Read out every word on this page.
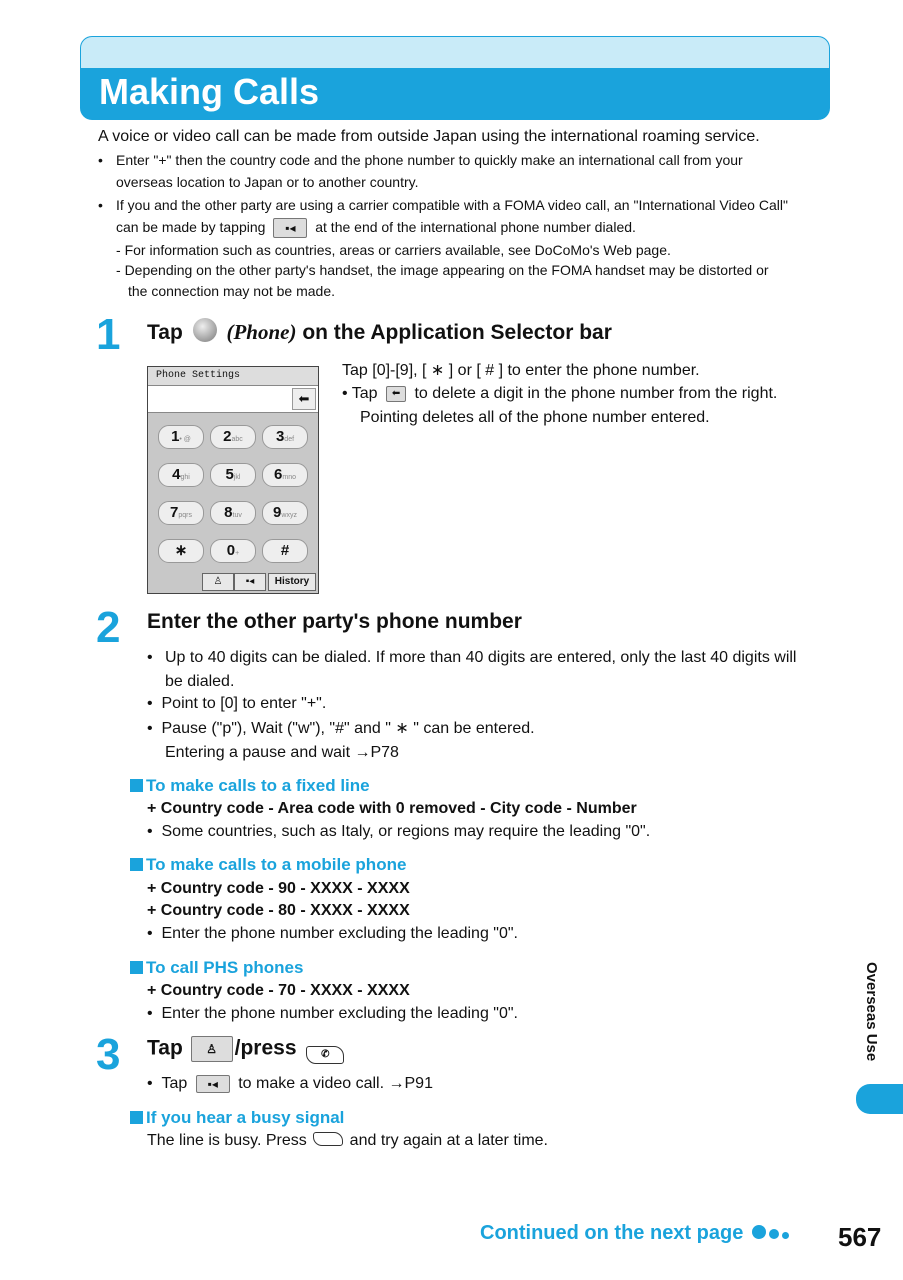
Making Calls
A voice or video call can be made from outside Japan using the international roaming service.
• Enter "+" then the country code and the phone number to quickly make an international call from your
overseas location to Japan or to another country.
• If you and the other party are using a carrier compatible with a FOMA video call, an "International Video Call"
can be made by tapping ▪◂ at the end of the international phone number dialed.
- For information such as countries, areas or carriers available, see DoCoMo's Web page.
- Depending on the other party's handset, the image appearing on the FOMA handset may be distorted or
the connection may not be made.
1 Tap (Phone) on the Application Selector bar
Tap [0]-[9], [ ∗ ] or [ # ] to enter the phone number.
• Tap ⬅ to delete a digit in the phone number from the right.
Pointing deletes all of the phone number entered.
Phone Settings
⬅
1• @	2abc	3def
4ghi	5jkl	6mno
7pqrs	8tuv	9wxyz
∗	0+	#
♙	▪◂	History
2 Enter the other party's phone number
• Up to 40 digits can be dialed. If more than 40 digits are entered, only the last 40 digits will
be dialed.
•  Point to [0] to enter "+".
•  Pause ("p"), Wait ("w"), "#" and " ∗ " can be entered.
Entering a pause and wait →P78
To make calls to a fixed line
+ Country code - Area code with 0 removed - City code - Number
•  Some countries, such as Italy, or regions may require the leading "0".
To make calls to a mobile phone
+ Country code - 90 - XXXX - XXXX
+ Country code - 80 - XXXX - XXXX
•  Enter the phone number excluding the leading "0".
To call PHS phones
+ Country code - 70 - XXXX - XXXX
•  Enter the phone number excluding the leading "0".
3 Tap ♙ /press ✆
•  Tap ▪◂ to make a video call. →P91
If you hear a busy signal
The line is busy. Press	and try again at a later time.
Overseas Use
Continued on the next page	567
